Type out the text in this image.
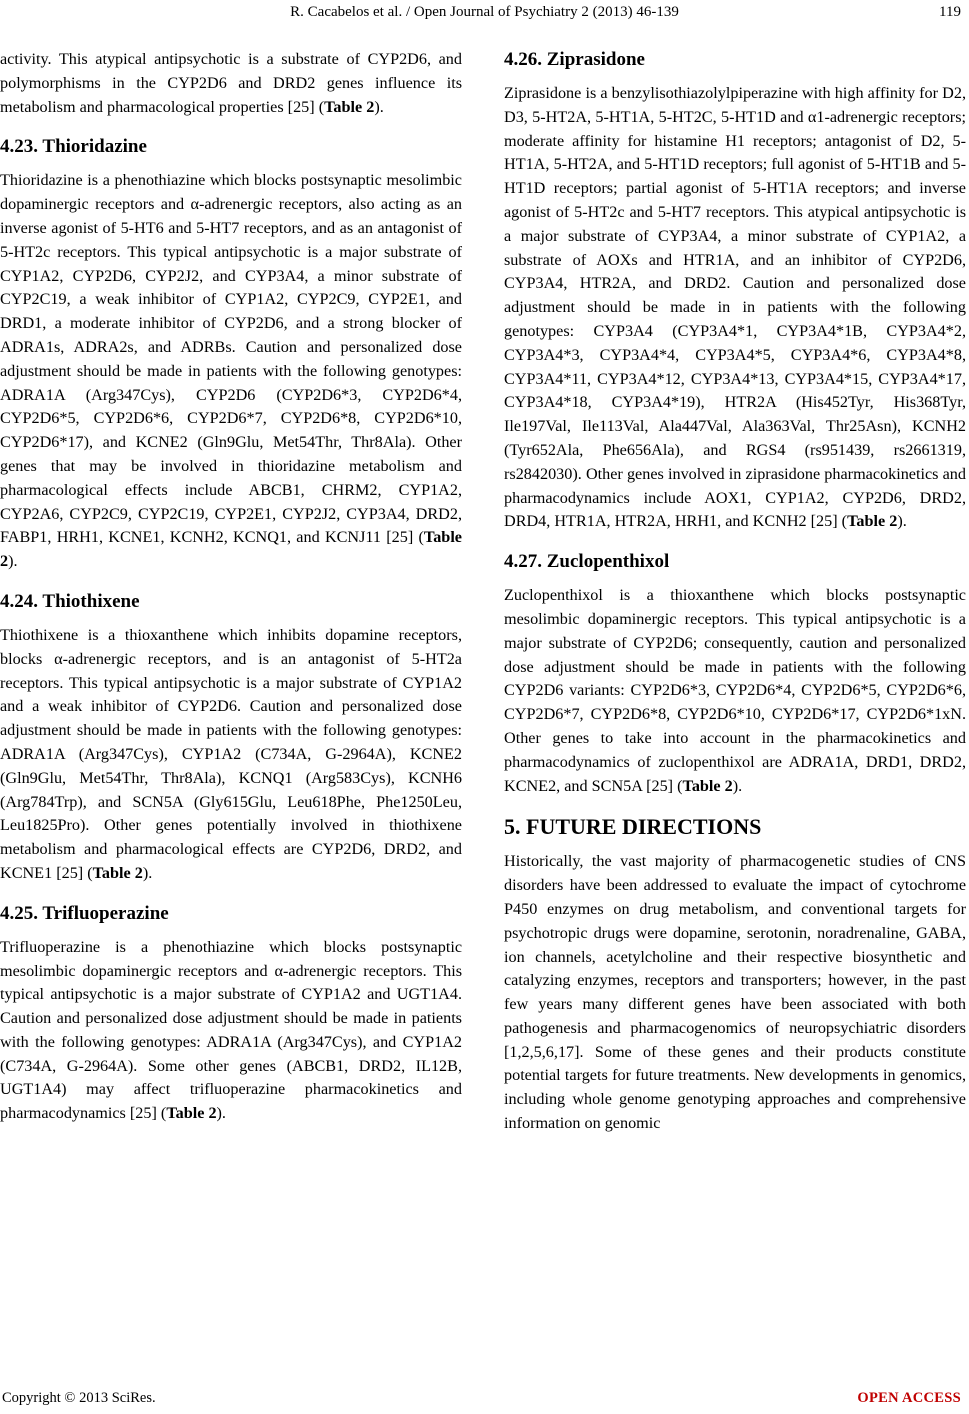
R. Cacabelos et al. / Open Journal of Psychiatry 2 (2013) 46-139	119

activity. This atypical antipsychotic is a substrate of CYP2D6, and polymorphisms in the CYP2D6 and DRD2 genes influence its metabolism and pharmacological properties [25] (Table 2).

4.23. Thioridazine

Thioridazine is a phenothiazine which blocks postsynaptic mesolimbic dopaminergic receptors and α-adrenergic receptors, also acting as an inverse agonist of 5-HT6 and 5-HT7 receptors, and as an antagonist of 5-HT2c receptors. This typical antipsychotic is a major substrate of CYP1A2, CYP2D6, CYP2J2, and CYP3A4, a minor substrate of CYP2C19, a weak inhibitor of CYP1A2, CYP2C9, CYP2E1, and DRD1, a moderate inhibitor of CYP2D6, and a strong blocker of ADRA1s, ADRA2s, and ADRBs. Caution and personalized dose adjustment should be made in patients with the following genotypes: ADRA1A (Arg347Cys), CYP2D6 (CYP2D6*3, CYP2D6*4, CYP2D6*5, CYP2D6*6, CYP2D6*7, CYP2D6*8, CYP2D6*10, CYP2D6*17), and KCNE2 (Gln9Glu, Met54Thr, Thr8Ala). Other genes that may be involved in thioridazine metabolism and pharmacological effects include ABCB1, CHRM2, CYP1A2, CYP2A6, CYP2C9, CYP2C19, CYP2E1, CYP2J2, CYP3A4, DRD2, FABP1, HRH1, KCNE1, KCNH2, KCNQ1, and KCNJ11 [25] (Table 2).

4.24. Thiothixene

Thiothixene is a thioxanthene which inhibits dopamine receptors, blocks α-adrenergic receptors, and is an antagonist of 5-HT2a receptors. This typical antipsychotic is a major substrate of CYP1A2 and a weak inhibitor of CYP2D6. Caution and personalized dose adjustment should be made in patients with the following genotypes: ADRA1A (Arg347Cys), CYP1A2 (C734A, G-2964A), KCNE2 (Gln9Glu, Met54Thr, Thr8Ala), KCNQ1 (Arg583Cys), KCNH6 (Arg784Trp), and SCN5A (Gly615Glu, Leu618Phe, Phe1250Leu, Leu1825Pro). Other genes potentially involved in thiothixene metabolism and pharmacological effects are CYP2D6, DRD2, and KCNE1 [25] (Table 2).

4.25. Trifluoperazine

Trifluoperazine is a phenothiazine which blocks postsynaptic mesolimbic dopaminergic receptors and α-adrenergic receptors. This typical antipsychotic is a major substrate of CYP1A2 and UGT1A4. Caution and personalized dose adjustment should be made in patients with the following genotypes: ADRA1A (Arg347Cys), and CYP1A2 (C734A, G-2964A). Some other genes (ABCB1, DRD2, IL12B, UGT1A4) may affect trifluoperazine pharmacokinetics and pharmacodynamics [25] (Table 2).

4.26. Ziprasidone

Ziprasidone is a benzylisothiazolylpiperazine with high affinity for D2, D3, 5-HT2A, 5-HT1A, 5-HT2C, 5-HT1D and α1-adrenergic receptors; moderate affinity for histamine H1 receptors; antagonist of D2, 5-HT1A, 5-HT2A, and 5-HT1D receptors; full agonist of 5-HT1B and 5-HT1D receptors; partial agonist of 5-HT1A receptors; and inverse agonist of 5-HT2c and 5-HT7 receptors. This atypical antipsychotic is a major substrate of CYP3A4, a minor substrate of CYP1A2, a substrate of AOXs and HTR1A, and an inhibitor of CYP2D6, CYP3A4, HTR2A, and DRD2. Caution and personalized dose adjustment should be made in in patients with the following genotypes: CYP3A4 (CYP3A4*1, CYP3A4*1B, CYP3A4*2, CYP3A4*3, CYP3A4*4, CYP3A4*5, CYP3A4*6, CYP3A4*8, CYP3A4*11, CYP3A4*12, CYP3A4*13, CYP3A4*15, CYP3A4*17, CYP3A4*18, CYP3A4*19), HTR2A (His452Tyr, His368Tyr, Ile197Val, Ile113Val, Ala447Val, Ala363Val, Thr25Asn), KCNH2 (Tyr652Ala, Phe656Ala), and RGS4 (rs951439, rs2661319, rs2842030). Other genes involved in ziprasidone pharmacokinetics and pharmacodynamics include AOX1, CYP1A2, CYP2D6, DRD2, DRD4, HTR1A, HTR2A, HRH1, and KCNH2 [25] (Table 2).

4.27. Zuclopenthixol

Zuclopenthixol is a thioxanthene which blocks postsynaptic mesolimbic dopaminergic receptors. This typical antipsychotic is a major substrate of CYP2D6; consequently, caution and personalized dose adjustment should be made in patients with the following CYP2D6 variants: CYP2D6*3, CYP2D6*4, CYP2D6*5, CYP2D6*6, CYP2D6*7, CYP2D6*8, CYP2D6*10, CYP2D6*17, CYP2D6*1xN. Other genes to take into account in the pharmacokinetics and pharmacodynamics of zuclopenthixol are ADRA1A, DRD1, DRD2, KCNE2, and SCN5A [25] (Table 2).

5. FUTURE DIRECTIONS

Historically, the vast majority of pharmacogenetic studies of CNS disorders have been addressed to evaluate the impact of cytochrome P450 enzymes on drug metabolism, and conventional targets for psychotropic drugs were dopamine, serotonin, noradrenaline, GABA, ion channels, acetylcholine and their respective biosynthetic and catalyzing enzymes, receptors and transporters; however, in the past few years many different genes have been associated with both pathogenesis and pharmacogenomics of neuropsychiatric disorders [1,2,5,6,17]. Some of these genes and their products constitute potential targets for future treatments. New developments in genomics, including whole genome genotyping approaches and comprehensive information on genomic

Copyright © 2013 SciRes.	OPEN ACCESS
